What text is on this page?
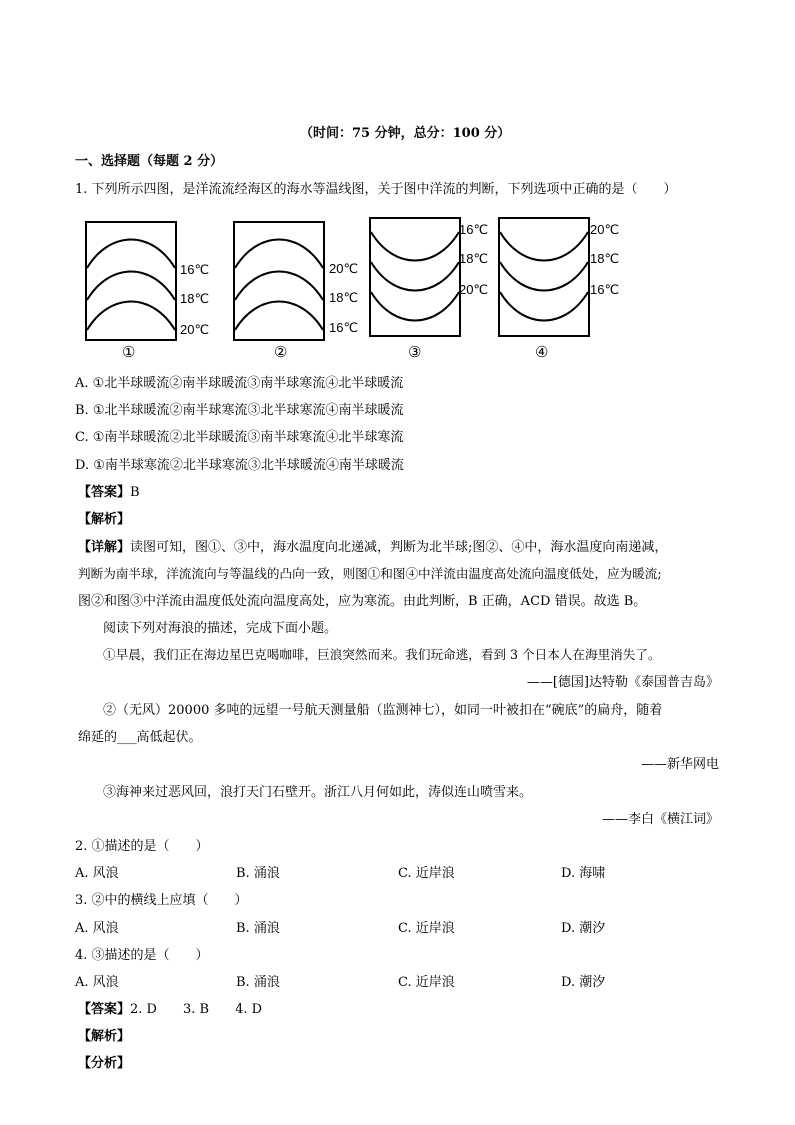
（时间：75 分钟，总分：100 分）
一、选择题（每题 2 分）
1. 下列所示四图，是洋流流经海区的海水等温线图，关于图中洋流的判断，下列选项中正确的是（　　）
16℃
18℃
20℃
①
20℃
18℃
16℃
②
16℃
18℃
20℃
③
20℃
18℃
16℃
④
A. ①北半球暖流②南半球暖流③南半球寒流④北半球暖流
B. ①北半球暖流②南半球寒流③北半球寒流④南半球暖流
C. ①南半球暖流②北半球暖流③南半球寒流④北半球寒流
D. ①南半球寒流②北半球寒流③北半球暖流④南半球暖流
【答案】B
【解析】
【详解】读图可知，图①、③中，海水温度向北递减，判断为北半球;图②、④中，海水温度向南递减，
判断为南半球，洋流流向与等温线的凸向一致，则图①和图④中洋流由温度高处流向温度低处，应为暖流;
图②和图③中洋流由温度低处流向温度高处，应为寒流。由此判断，B 正确，ACD 错误。故选 B。
阅读下列对海浪的描述，完成下面小题。
①早晨，我们正在海边星巴克喝咖啡，巨浪突然而来。我们玩命逃，看到 3 个日本人在海里消失了。
——[德国]达特勒《泰国普吉岛》
②（无风）20000 多吨的远望一号航天测量船（监测神七），如同一叶被扣在“碗底”的扁舟，随着
绵延的___高低起伏。
——新华网电
③海神来过恶风回，浪打天门石壁开。浙江八月何如此，涛似连山喷雪来。
——李白《横江词》
2. ①描述的是（　　）
A. 风浪	B. 涌浪	C. 近岸浪	D. 海啸
3. ②中的横线上应填（　　）
A. 风浪	B. 涌浪	C. 近岸浪	D. 潮汐
4. ③描述的是（　　）
A. 风浪	B. 涌浪	C. 近岸浪	D. 潮汐
【答案】2. D　　3. B　　4. D
【解析】
【分析】
